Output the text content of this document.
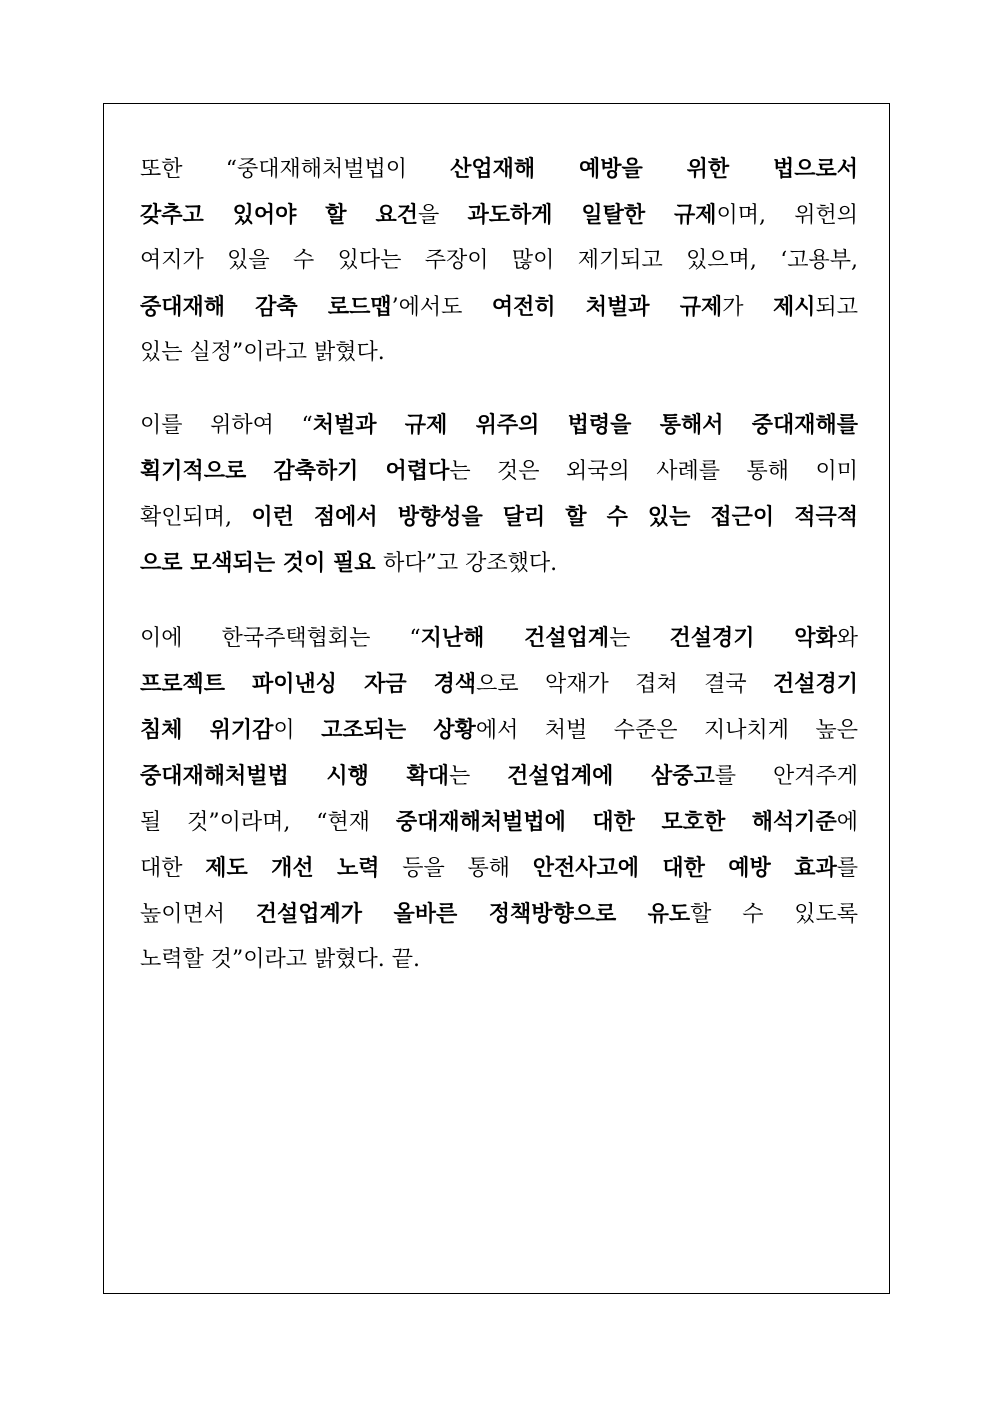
또한 “중대재해처벌법이 산업재해 예방을 위한 법으로서
갖추고 있어야 할 요건을 과도하게 일탈한 규제이며, 위헌의
여지가 있을 수 있다는 주장이 많이 제기되고 있으며, ‘고용부,
중대재해 감축 로드맵’에서도 여전히 처벌과 규제가 제시되고
있는 실정”이라고 밝혔다.
이를 위하여 “처벌과 규제 위주의 법령을 통해서 중대재해를
획기적으로 감축하기 어렵다는 것은 외국의 사례를 통해 이미
확인되며, 이런 점에서 방향성을 달리 할 수 있는 접근이 적극적
으로 모색되는 것이 필요 하다”고 강조했다.
이에 한국주택협회는 “지난해 건설업계는 건설경기 악화와
프로젝트 파이낸싱 자금 경색으로 악재가 겹쳐 결국 건설경기
침체 위기감이 고조되는 상황에서 처벌 수준은 지나치게 높은
중대재해처벌법 시행 확대는 건설업계에 삼중고를 안겨주게
될 것”이라며, “현재 중대재해처벌법에 대한 모호한 해석기준에
대한 제도 개선 노력 등을 통해 안전사고에 대한 예방 효과를
높이면서 건설업계가 올바른 정책방향으로 유도할 수 있도록
노력할 것”이라고 밝혔다. 끝.
